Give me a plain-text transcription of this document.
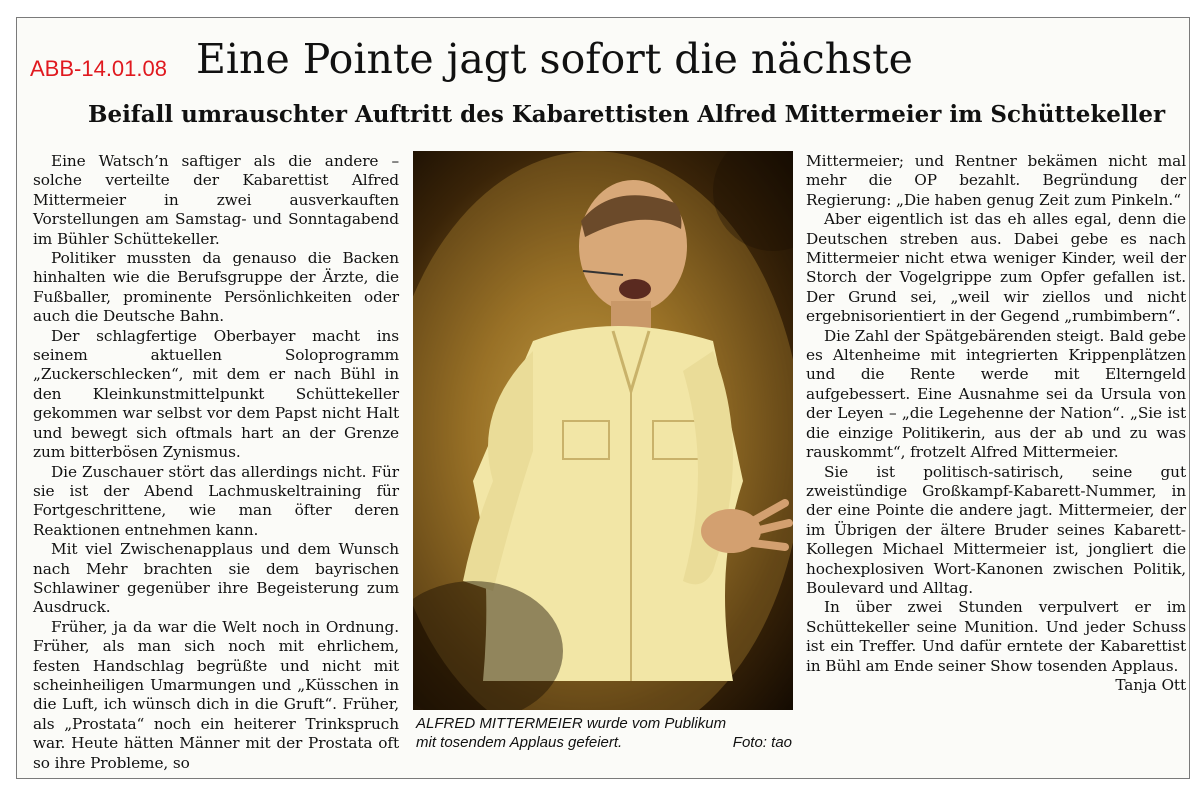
ABB-14.01.08 Eine Pointe jagt sofort die nächste
Beifall umrauschter Auftritt des Kabarettisten Alfred Mittermeier im Schüttekeller

Eine Watsch’n saftiger als die andere – solche verteilte der Kabarettist Alfred Mittermeier in zwei ausverkauften Vorstellungen am Samstag- und Sonntagabend im Bühler Schüttekeller.

Politiker mussten da genauso die Backen hinhalten wie die Berufsgruppe der Ärzte, die Fußballer, prominente Persönlichkeiten oder auch die Deutsche Bahn.

Der schlagfertige Oberbayer macht ins seinem aktuellen Soloprogramm „Zuckerschlecken“, mit dem er nach Bühl in den Kleinkunstmittelpunkt Schüttekeller gekommen war selbst vor dem Papst nicht Halt und bewegt sich oftmals hart an der Grenze zum bitterbösen Zynismus.

Die Zuschauer stört das allerdings nicht. Für sie ist der Abend Lachmuskeltraining für Fortgeschrittene, wie man öfter deren Reaktionen entnehmen kann.

Mit viel Zwischenapplaus und dem Wunsch nach Mehr brachten sie dem bayrischen Schlawiner gegenüber ihre Begeisterung zum Ausdruck.

Früher, ja da war die Welt noch in Ordnung. Früher, als man sich noch mit ehrlichem, festen Handschlag begrüßte und nicht mit scheinheiligen Umarmungen und „Küsschen in die Luft, ich wünsch dich in die Gruft“. Früher, als „Prostata“ noch ein heiterer Trinkspruch war. Heute hätten Männer mit der Prostata oft so ihre Probleme, so

ALFRED MITTERMEIER wurde vom Publikum
mit tosendem Applaus gefeiert.	Foto: tao

Mittermeier; und Rentner bekämen nicht mal mehr die OP bezahlt. Begründung der Regierung: „Die haben genug Zeit zum Pinkeln.“

Aber eigentlich ist das eh alles egal, denn die Deutschen streben aus. Dabei gebe es nach Mittermeier nicht etwa weniger Kinder, weil der Storch der Vogelgrippe zum Opfer gefallen ist. Der Grund sei, „weil wir ziellos und nicht ergebnisorientiert in der Gegend „rumbimbern“.

Die Zahl der Spätgebärenden steigt. Bald gebe es Altenheime mit integrierten Krippenplätzen und die Rente werde mit Elterngeld aufgebessert. Eine Ausnahme sei da Ursula von der Leyen – „die Legehenne der Nation“. „Sie ist die einzige Politikerin, aus der ab und zu was rauskommt“, frotzelt Alfred Mittermeier.

Sie ist politisch-satirisch, seine gut zweistündige Großkampf-Kabarett-Nummer, in der eine Pointe die andere jagt. Mittermeier, der im Übrigen der ältere Bruder seines Kabarett-Kollegen Michael Mittermeier ist, jongliert die hochexplosiven Wort-Kanonen zwischen Politik, Boulevard und Alltag.

In über zwei Stunden verpulvert er im Schüttekeller seine Munition. Und jeder Schuss ist ein Treffer. Und dafür erntete der Kabarettist in Bühl am Ende seiner Show tosenden Applaus.

Tanja Ott
